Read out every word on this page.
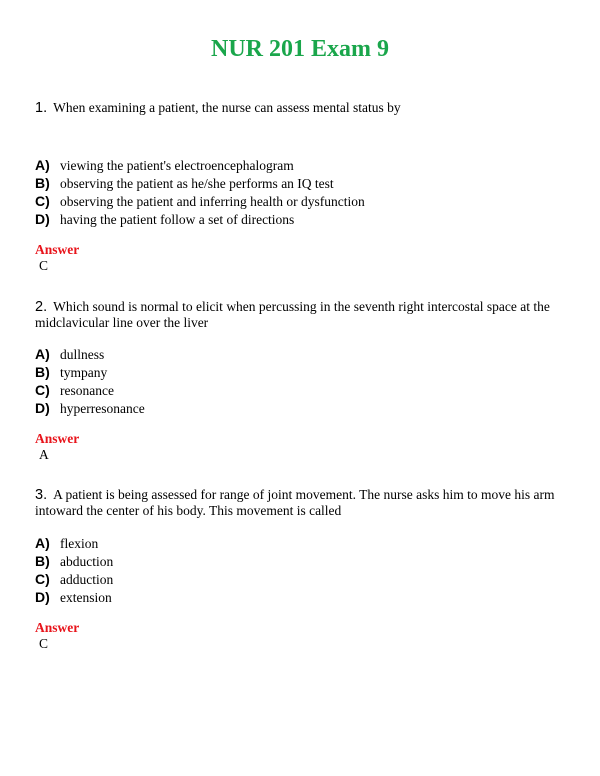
NUR 201 Exam 9
1. When examining a patient, the nurse can assess mental status by
A) viewing the patient's electroencephalogram
B) observing the patient as he/she performs an IQ test
C) observing the patient and inferring health or dysfunction
D) having the patient follow a set of directions
Answer
C
2. Which sound is normal to elicit when percussing in the seventh right intercostal space at the midclavicular line over the liver
A) dullness
B) tympany
C) resonance
D) hyperresonance
Answer
A
3. A patient is being assessed for range of joint movement. The nurse asks him to move his arm intoward the center of his body. This movement is called
A) flexion
B) abduction
C) adduction
D) extension
Answer
C
